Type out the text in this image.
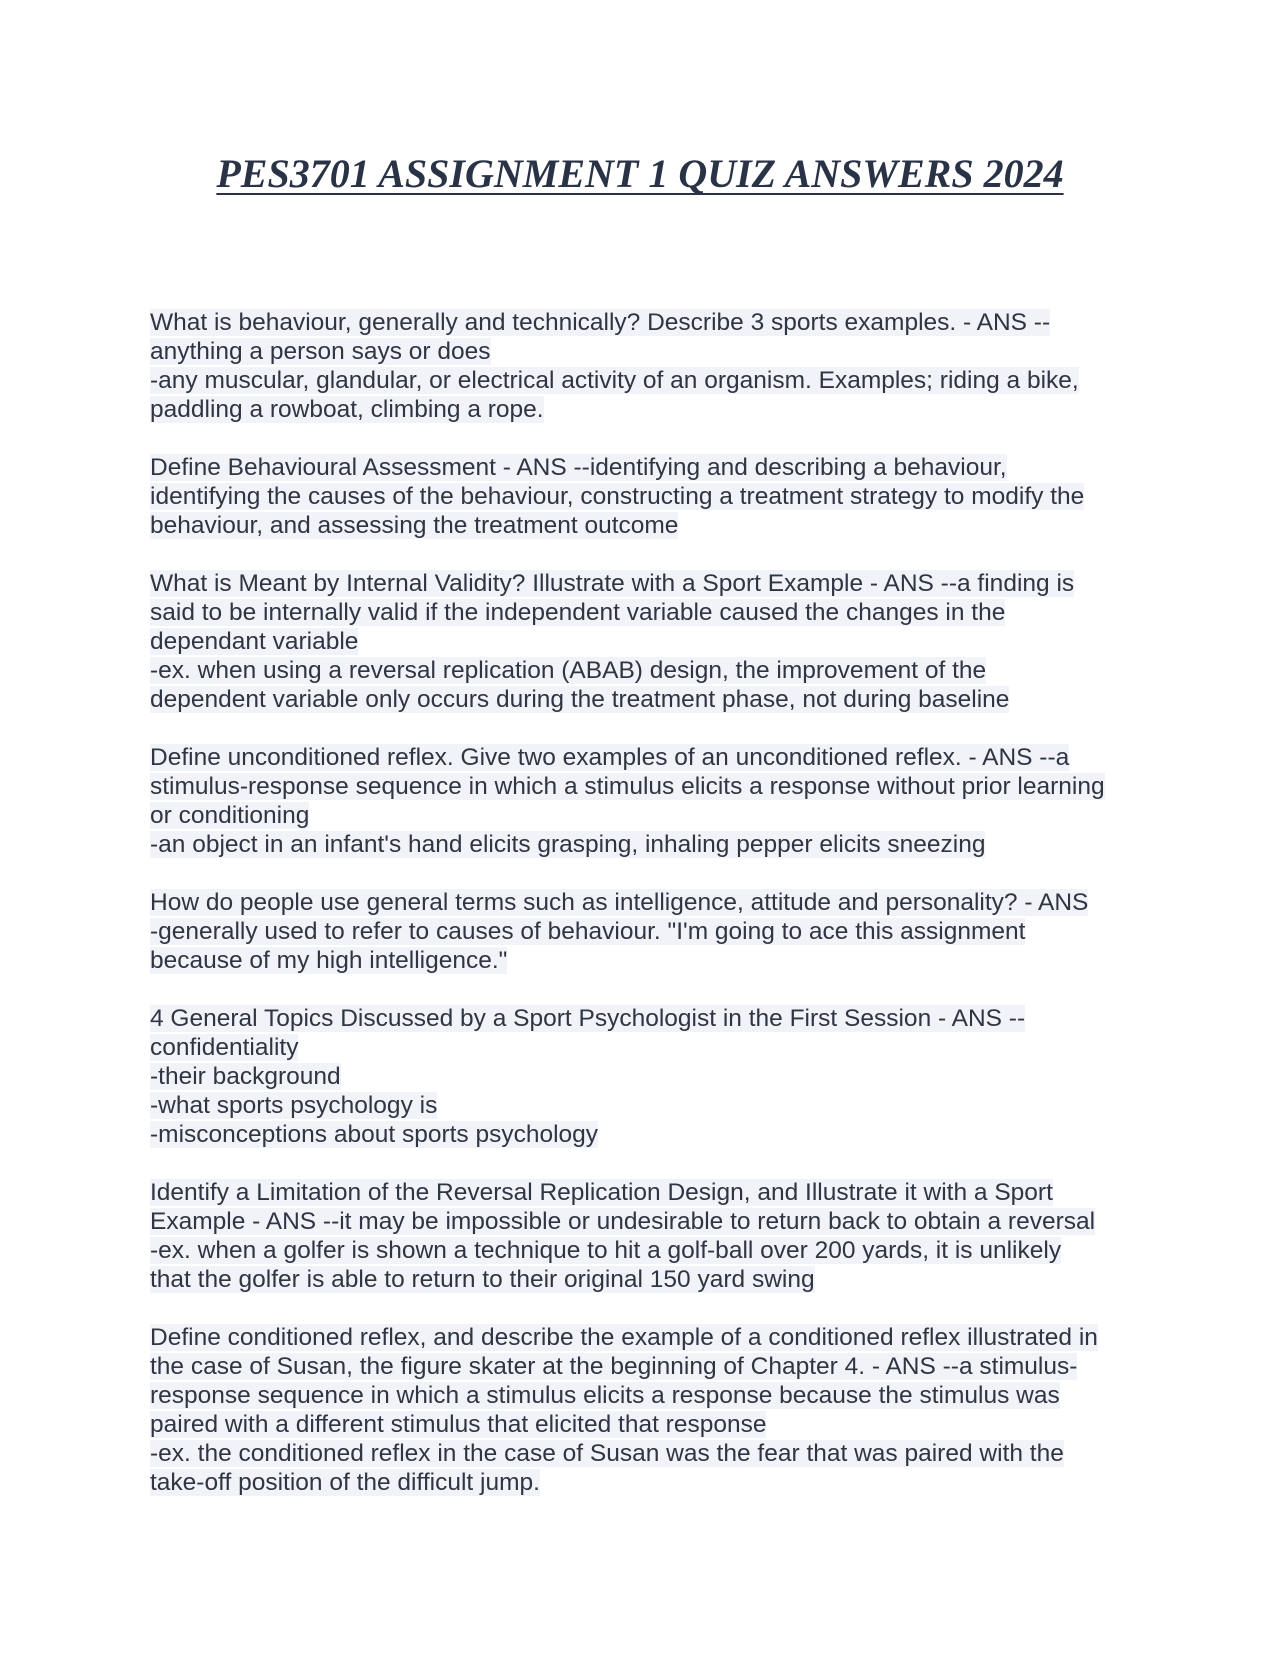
PES3701 ASSIGNMENT 1 QUIZ ANSWERS 2024
What is behaviour, generally and technically? Describe 3 sports examples. - ANS --
anything a person says or does
-any muscular, glandular, or electrical activity of an organism. Examples; riding a bike,
paddling a rowboat, climbing a rope.
Define Behavioural Assessment - ANS --identifying and describing a behaviour,
identifying the causes of the behaviour, constructing a treatment strategy to modify the
behaviour, and assessing the treatment outcome
What is Meant by Internal Validity? Illustrate with a Sport Example - ANS --a finding is
said to be internally valid if the independent variable caused the changes in the
dependant variable
-ex. when using a reversal replication (ABAB) design, the improvement of the
dependent variable only occurs during the treatment phase, not during baseline
Define unconditioned reflex. Give two examples of an unconditioned reflex. - ANS --a
stimulus-response sequence in which a stimulus elicits a response without prior learning
or conditioning
-an object in an infant's hand elicits grasping, inhaling pepper elicits sneezing
How do people use general terms such as intelligence, attitude and personality? - ANS
-generally used to refer to causes of behaviour. "I'm going to ace this assignment
because of my high intelligence."
4 General Topics Discussed by a Sport Psychologist in the First Session - ANS --
confidentiality
-their background
-what sports psychology is
-misconceptions about sports psychology
Identify a Limitation of the Reversal Replication Design, and Illustrate it with a Sport
Example - ANS --it may be impossible or undesirable to return back to obtain a reversal
-ex. when a golfer is shown a technique to hit a golf-ball over 200 yards, it is unlikely
that the golfer is able to return to their original 150 yard swing
Define conditioned reflex, and describe the example of a conditioned reflex illustrated in
the case of Susan, the figure skater at the beginning of Chapter 4. - ANS --a stimulus-
response sequence in which a stimulus elicits a response because the stimulus was
paired with a different stimulus that elicited that response
-ex. the conditioned reflex in the case of Susan was the fear that was paired with the
take-off position of the difficult jump.
